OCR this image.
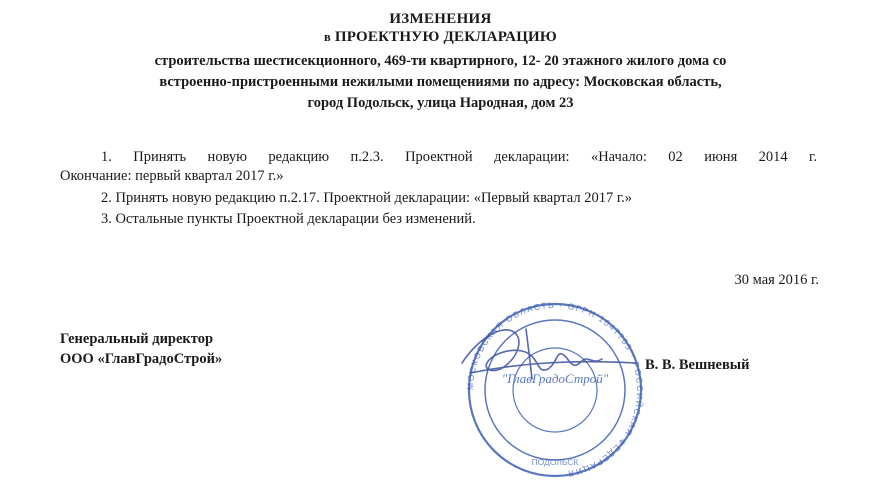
ИЗМЕНЕНИЯ
в ПРОЕКТНУЮ ДЕКЛАРАЦИЮ
строительства шестисекционного, 469-ти квартирного, 12- 20 этажного жилого дома со
встроенно-пристроенными нежилыми помещениями по адресу: Московская область,
город Подольск, улица Народная, дом 23
1. Принять новую редакцию п.2.3. Проектной декларации: «Начало: 02 июня 2014 г.
Окончание: первый квартал 2017 г.»
2. Принять новую редакцию п.2.17. Проектной декларации: «Первый квартал 2017 г.»
3. Остальные пункты Проектной декларации без изменений.
30 мая 2016 г.
Генеральный директор
ООО «ГлавГрадоСтрой»
МОСКОВСКАЯ ОБЛАСТЬ · ОГРН 1047705 · РОССИЙСКАЯ ФЕДЕРАЦИЯ
"ГлавГрадоСтрой"
ПОДОЛЬСК
В. В. Вешневый
